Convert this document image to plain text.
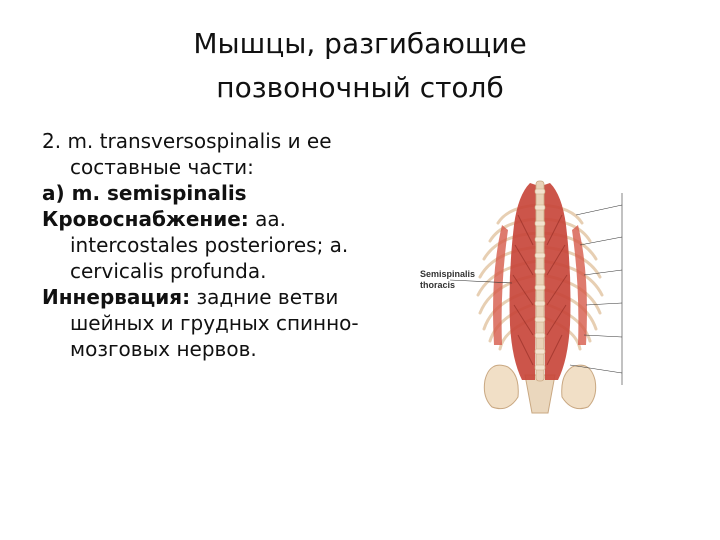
Мышцы, разгибающие
позвоночный столб

2. m. transversospinalis и ее составные части:

а) m. semispinalis

Кровоснабжение: aa. intercostales posteriores; a. cervicalis profunda.

Иннервация: задние ветви шейных и грудных спинно-мозговых нервов.

Semispinalis
thoracis
